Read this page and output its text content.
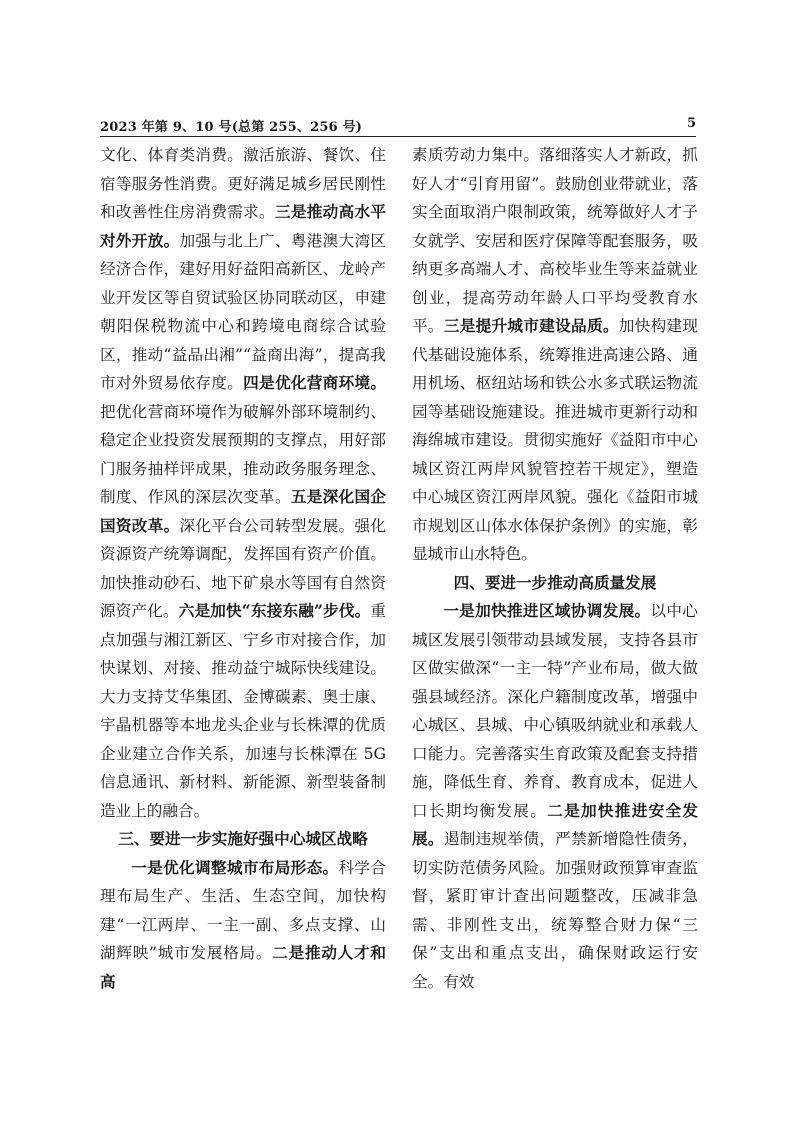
2023 年第 9、10 号(总第 255、256 号)	5

文化、体育类消费。激活旅游、餐饮、住宿等服务性消费。更好满足城乡居民刚性和改善性住房消费需求。三是推动高水平对外开放。加强与北上广、粤港澳大湾区经济合作，建好用好益阳高新区、龙岭产业开发区等自贸试验区协同联动区，申建朝阳保税物流中心和跨境电商综合试验区，推动“益品出湘”“益商出海”，提高我市对外贸易依存度。四是优化营商环境。把优化营商环境作为破解外部环境制约、稳定企业投资发展预期的支撑点，用好部门服务抽样评成果，推动政务服务理念、制度、作风的深层次变革。五是深化国企国资改革。深化平台公司转型发展。强化资源资产统筹调配，发挥国有资产价值。加快推动砂石、地下矿泉水等国有自然资源资产化。六是加快“东接东融”步伐。重点加强与湘江新区、宁乡市对接合作，加快谋划、对接、推动益宁城际快线建设。大力支持艾华集团、金博碳素、奥士康、宇晶机器等本地龙头企业与长株潭的优质企业建立合作关系，加速与长株潭在 5G 信息通讯、新材料、新能源、新型装备制造业上的融合。

三、要进一步实施好强中心城区战略

一是优化调整城市布局形态。科学合理布局生产、生活、生态空间，加快构建“一江两岸、一主一副、多点支撑、山湖辉映”城市发展格局。二是推动人才和高

素质劳动力集中。落细落实人才新政，抓好人才“引育用留”。鼓励创业带就业，落实全面取消户限制政策，统筹做好人才子女就学、安居和医疗保障等配套服务，吸纳更多高端人才、高校毕业生等来益就业创业，提高劳动年龄人口平均受教育水平。三是提升城市建设品质。加快构建现代基础设施体系，统筹推进高速公路、通用机场、枢纽站场和铁公水多式联运物流园等基础设施建设。推进城市更新行动和海绵城市建设。贯彻实施好《益阳市中心城区资江两岸风貌管控若干规定》，塑造中心城区资江两岸风貌。强化《益阳市城市规划区山体水体保护条例》的实施，彰显城市山水特色。

四、要进一步推动高质量发展

一是加快推进区域协调发展。以中心城区发展引领带动县域发展，支持各县市区做实做深“一主一特”产业布局，做大做强县域经济。深化户籍制度改革，增强中心城区、县城、中心镇吸纳就业和承载人口能力。完善落实生育政策及配套支持措施，降低生育、养育、教育成本，促进人口长期均衡发展。二是加快推进安全发展。遏制违规举债，严禁新增隐性债务，切实防范债务风险。加强财政预算审查监督，紧盯审计查出问题整改，压减非急需、非刚性支出，统筹整合财力保“三保”支出和重点支出，确保财政运行安全。有效
